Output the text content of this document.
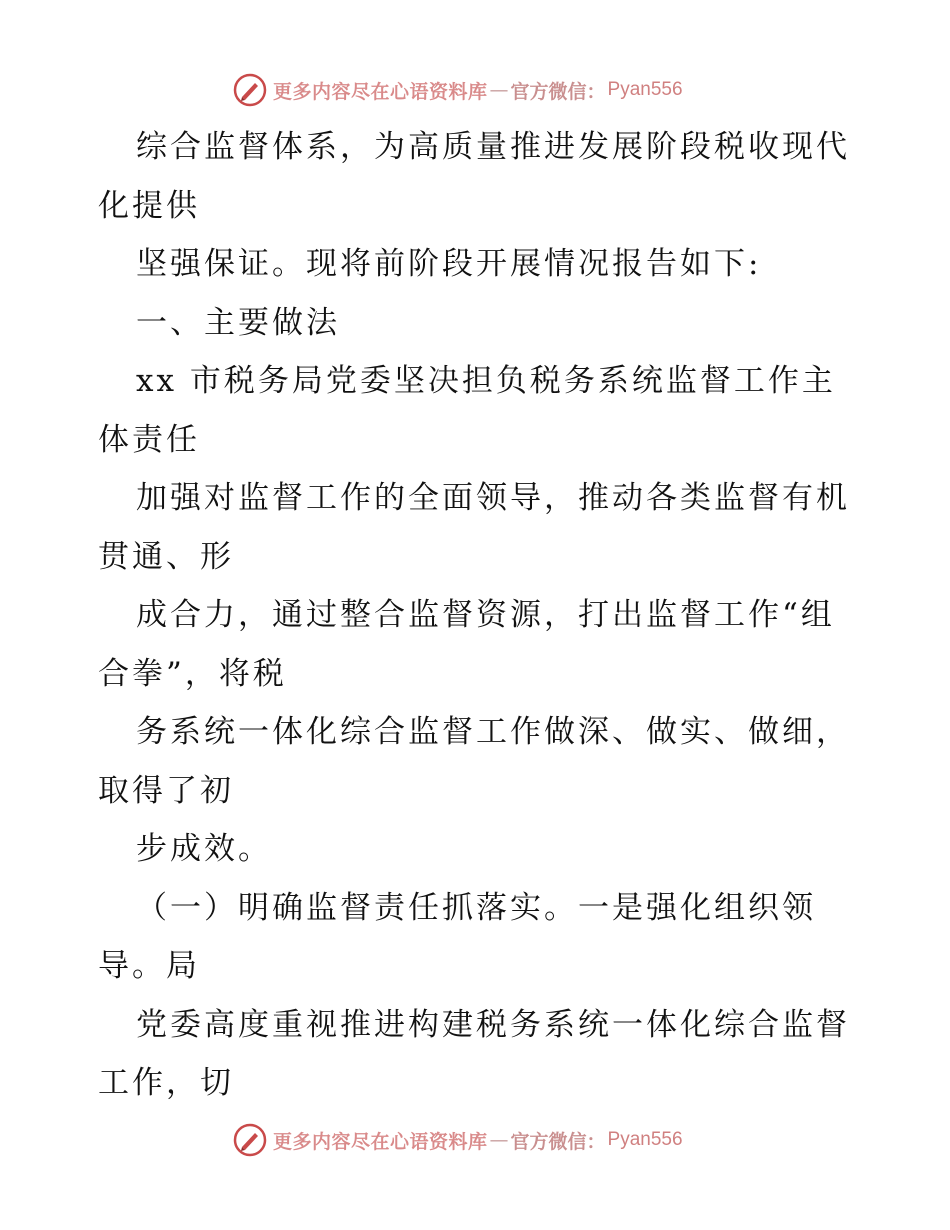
更多内容尽在心语资料库 — 官方微信： Pyan556

综合监督体系，为高质量推进发展阶段税收现代
化提供

坚强保证。现将前阶段开展情况报告如下:

一、主要做法

xx 市税务局党委坚决担负税务系统监督工作主
体责任

加强对监督工作的全面领导，推动各类监督有机
贯通、形

成合力，通过整合监督资源，打出监督工作“组
合拳”，将税

务系统一体化综合监督工作做深、做实、做细，
取得了初

步成效。

（一）明确监督责任抓落实。一是强化组织领
导。局

党委高度重视推进构建税务系统一体化综合监督
工作，切

更多内容尽在心语资料库 — 官方微信： Pyan556
